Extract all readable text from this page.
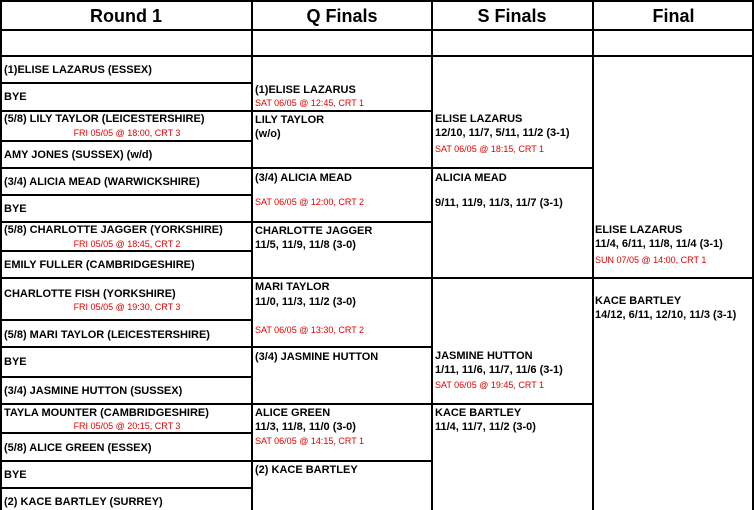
Round 1	Q Finals	S Finals	Final
(1)ELISE LAZARUS (ESSEX)
BYE
(5/8) LILY TAYLOR (LEICESTERSHIRE)
FRI 05/05 @ 18:00, CRT 3
AMY JONES (SUSSEX) (w/d)
(3/4) ALICIA MEAD (WARWICKSHIRE)
BYE
(5/8) CHARLOTTE JAGGER (YORKSHIRE)
FRI 05/05 @ 18:45, CRT 2
EMILY FULLER (CAMBRIDGESHIRE)
CHARLOTTE FISH (YORKSHIRE)
FRI 05/05 @ 19:30, CRT 3
(5/8) MARI TAYLOR (LEICESTERSHIRE)
BYE
(3/4) JASMINE HUTTON (SUSSEX)
TAYLA MOUNTER (CAMBRIDGESHIRE)
FRI 05/05 @ 20:15, CRT 3
(5/8) ALICE GREEN (ESSEX)
BYE
(2) KACE BARTLEY (SURREY)
(1)ELISE LAZARUS
SAT 06/05 @ 12:45, CRT 1
LILY TAYLOR
(w/o)
(3/4) ALICIA MEAD
SAT 06/05 @ 12:00, CRT 2
CHARLOTTE JAGGER
11/5, 11/9, 11/8 (3-0)
MARI TAYLOR
11/0, 11/3, 11/2 (3-0)
SAT 06/05 @ 13:30, CRT 2
(3/4) JASMINE HUTTON
ALICE GREEN
11/3, 11/8, 11/0 (3-0)
SAT 06/05 @ 14:15, CRT 1
(2) KACE BARTLEY
ELISE LAZARUS
12/10, 11/7, 5/11, 11/2 (3-1)
SAT 06/05 @ 18:15, CRT 1
ALICIA MEAD
9/11, 11/9, 11/3, 11/7 (3-1)
JASMINE HUTTON
1/11, 11/6, 11/7, 11/6 (3-1)
SAT 06/05 @ 19:45, CRT 1
KACE BARTLEY
11/4, 11/7, 11/2 (3-0)
ELISE LAZARUS
11/4, 6/11, 11/8, 11/4 (3-1)
SUN 07/05 @ 14:00, CRT 1
KACE BARTLEY
14/12, 6/11, 12/10, 11/3 (3-1)
